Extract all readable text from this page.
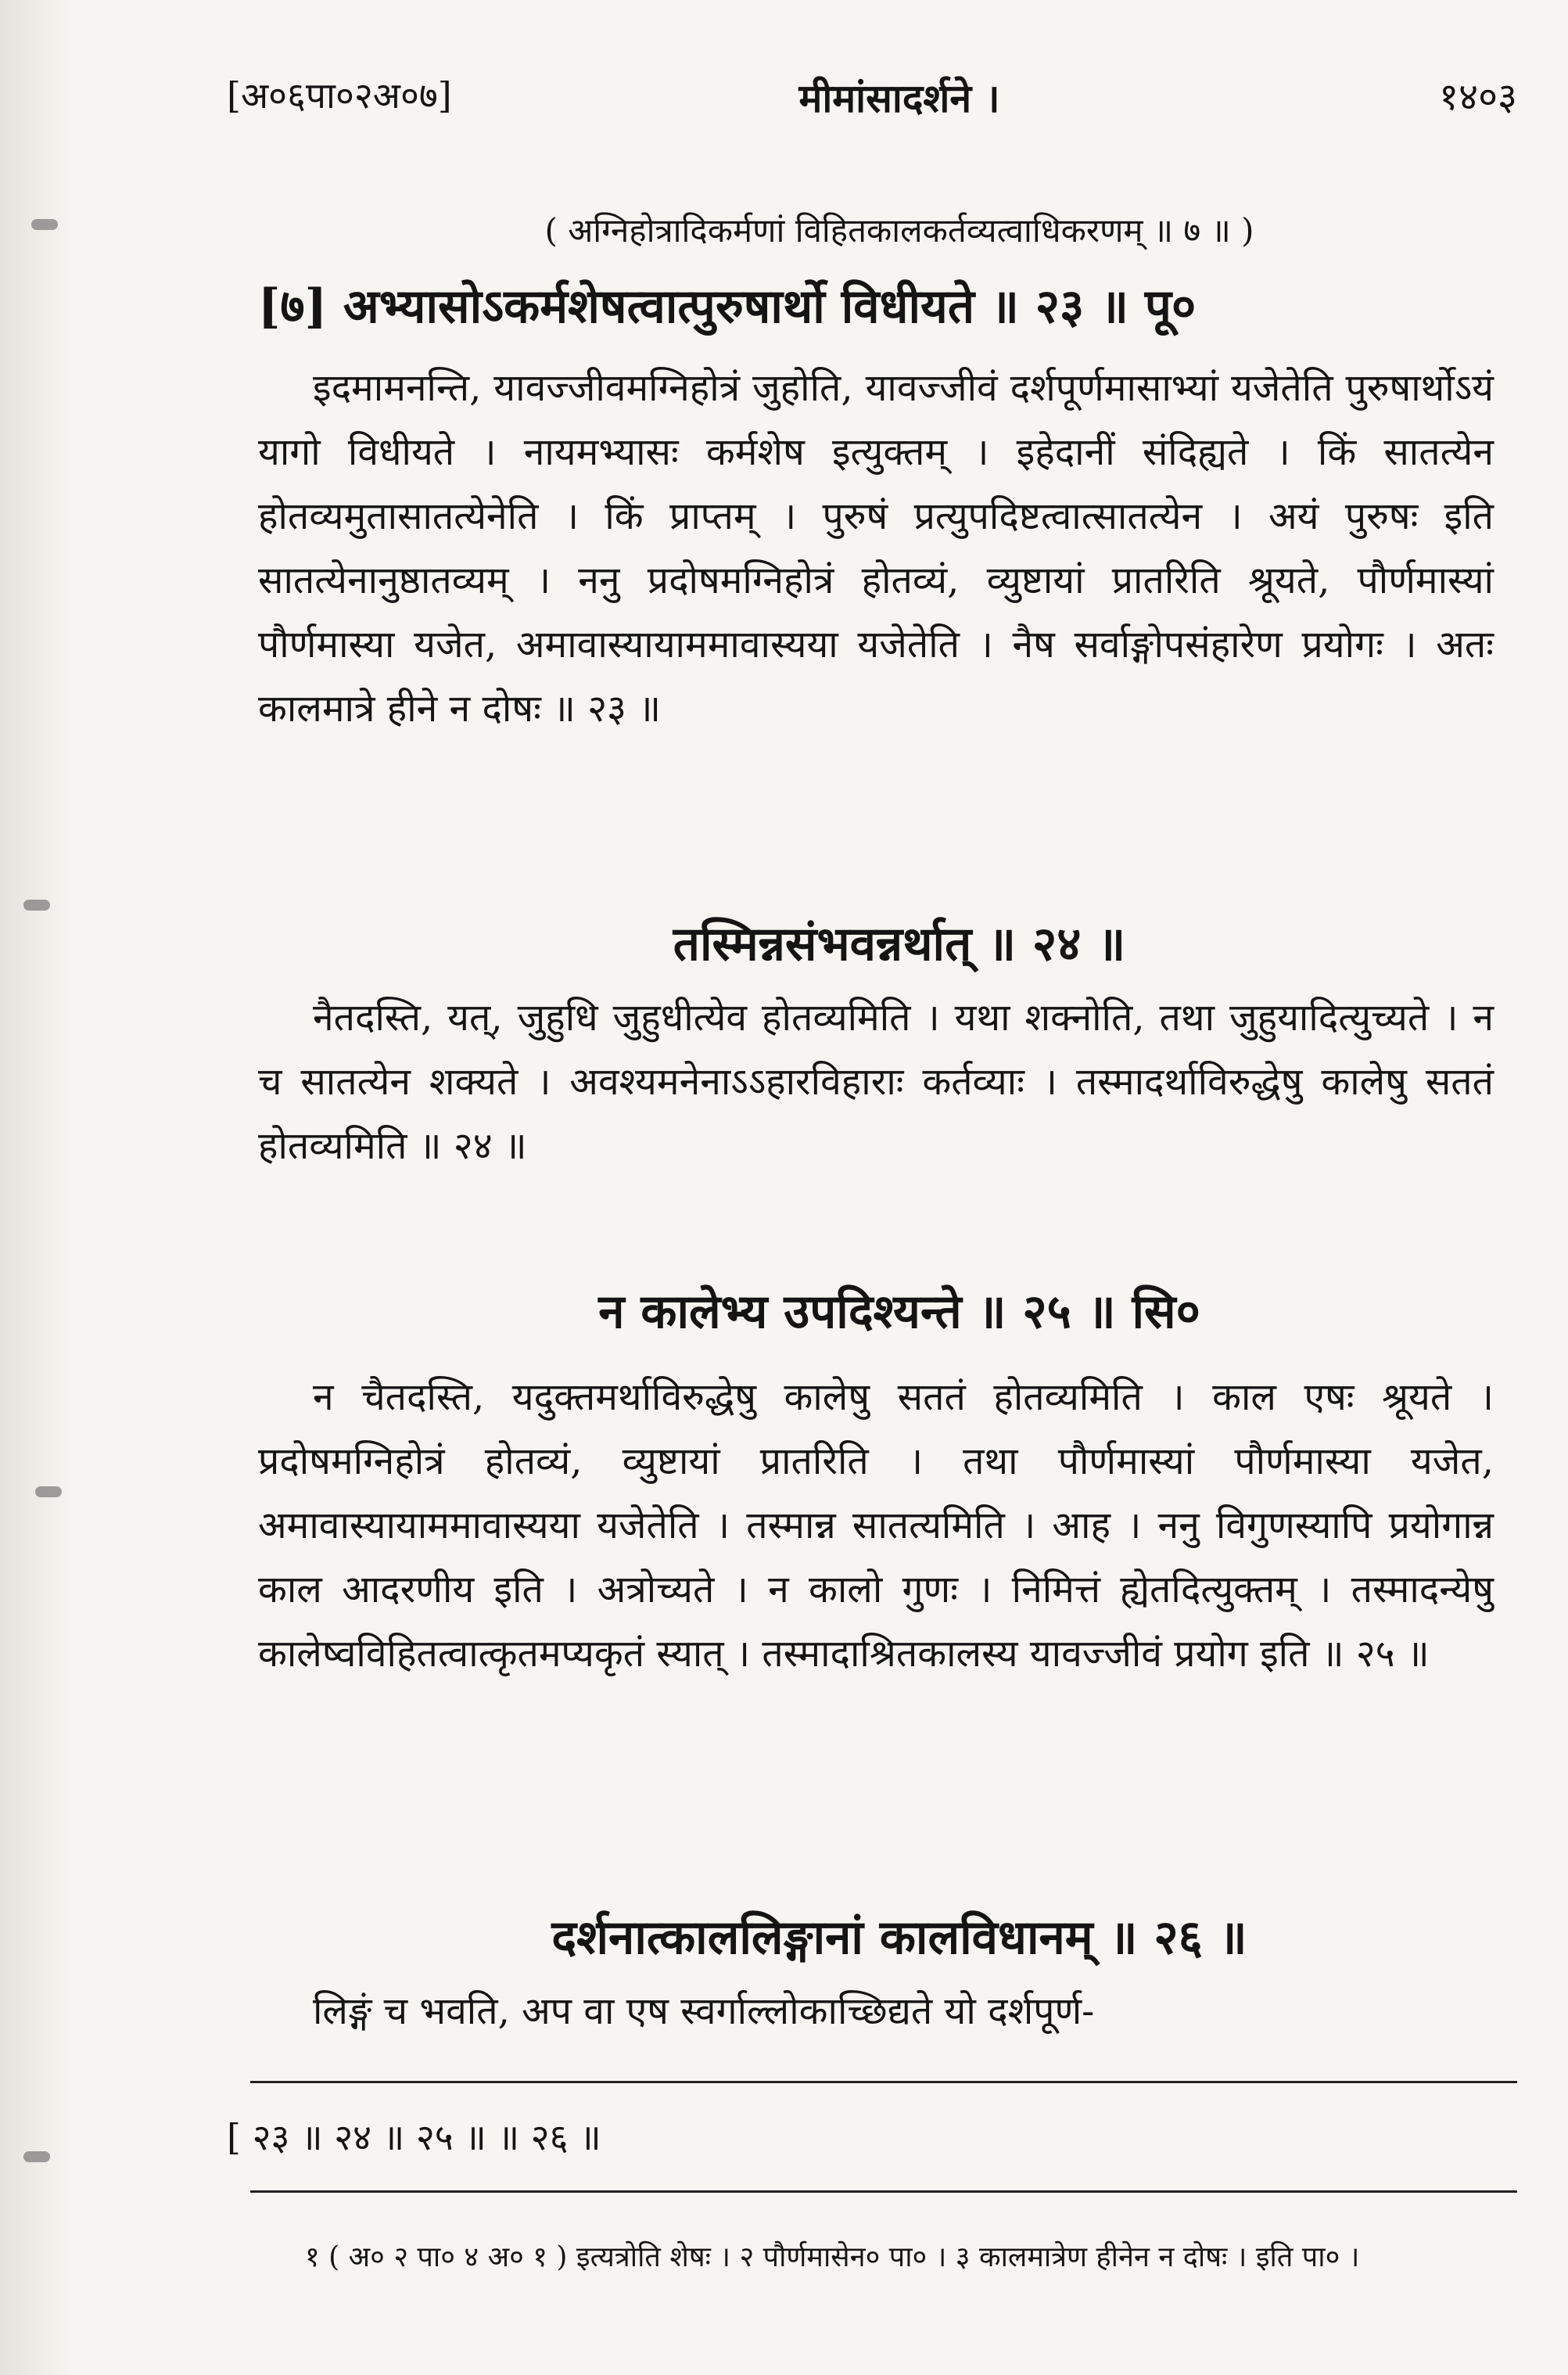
[अ०६पा०२अ०७]	मीमांसादर्शने ।	१४०३
( अग्निहोत्रादिकर्मणां विहितकालकर्तव्यत्वाधिकरणम् ॥ ७ ॥ )
[७] अभ्यासोऽकर्मशेषत्वात्पुरुषार्थो विधीयते ॥ २३ ॥ पू०
इदमामनन्ति, यावज्जीवमग्निहोत्रं जुहोति, यावज्जीवं दर्शपूर्णमासाभ्यां यजेतेति पुरुषार्थोऽयं यागो विधीयते । नायमभ्यासः कर्मशेष इत्युक्तम् । इहेदानीं संदिह्यते । किं सातत्येन होतव्यमुतासातत्येनेति । किं प्राप्तम् । पुरुषं प्रत्युपदिष्टत्वात्सातत्येन । अयं पुरुषः इति सातत्येनानुष्ठातव्यम् । ननु प्रदोषमग्निहोत्रं होतव्यं, व्युष्टायां प्रातरिति श्रूयते, पौर्णमास्यां पौर्णमास्या यजेत, अमावास्यायाममावास्यया यजेतेति । नैष सर्वाङ्गोपसंहारेण प्रयोगः । अतः कालमात्रे हीने न दोषः ॥ २३ ॥
तस्मिन्नसंभवन्नर्थात् ॥ २४ ॥
नैतदस्ति, यत्, जुहुधि जुहुधीत्येव होतव्यमिति । यथा शक्नोति, तथा जुहुयादित्युच्यते । न च सातत्येन शक्यते । अवश्यमनेनाऽऽहारविहाराः कर्तव्याः । तस्मादर्थाविरुद्धेषु कालेषु सततं होतव्यमिति ॥ २४ ॥
न कालेभ्य उपदिश्यन्ते ॥ २५ ॥ सि०
न चैतदस्ति, यदुक्तमर्थाविरुद्धेषु कालेषु सततं होतव्यमिति । काल एषः श्रूयते । प्रदोषमग्निहोत्रं होतव्यं, व्युष्टायां प्रातरिति । तथा पौर्णमास्यां पौर्णमास्या यजेत, अमावास्यायाममावास्यया यजेतेति । तस्मान्न सातत्यमिति । आह । ननु विगुणस्यापि प्रयोगान्न काल आदरणीय इति । अत्रोच्यते । न कालो गुणः । निमित्तं ह्येतदित्युक्तम् । तस्मादन्येषु कालेष्वविहितत्वात्कृतमप्यकृतं स्यात् । तस्मादाश्रितकालस्य यावज्जीवं प्रयोग इति ॥ २५ ॥
दर्शनात्काललिङ्गानां कालविधानम् ॥ २६ ॥
लिङ्गं च भवति, अप वा एष स्वर्गाल्लोकाच्छिद्यते यो दर्शपूर्ण-
[ २३ ॥ २४ ॥ २५ ॥ ॥ २६ ॥
१ ( अ० २ पा० ४ अ० १ ) इत्यत्रोति शेषः । २ पौर्णमासेन० पा० । ३ कालमात्रेण हीनेन न दोषः । इति पा० ।
